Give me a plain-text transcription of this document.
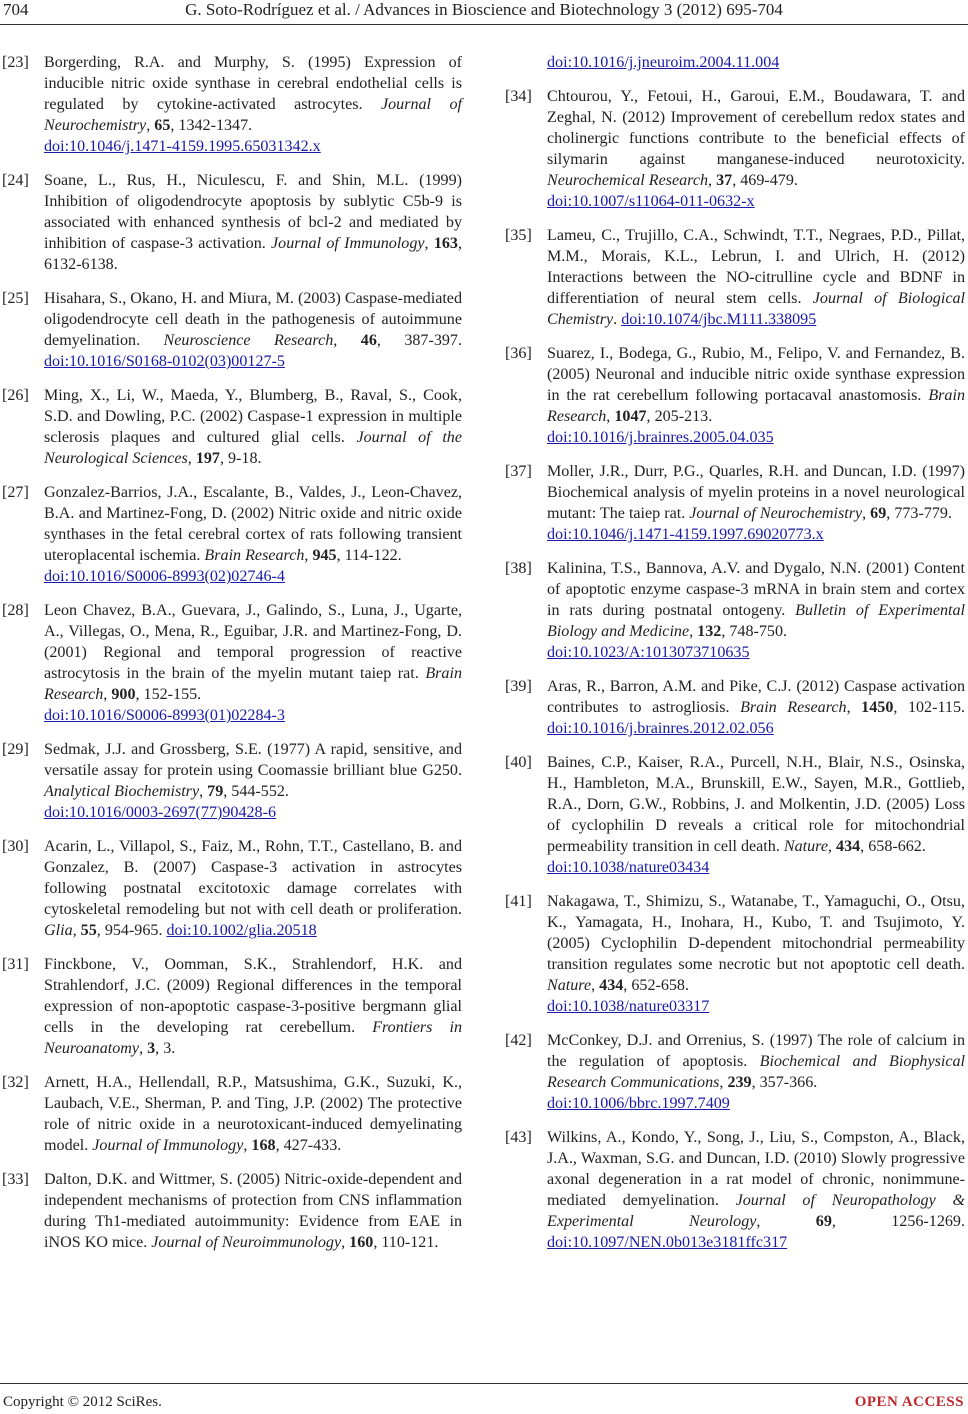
704	G. Soto-Rodríguez et al. / Advances in Bioscience and Biotechnology 3 (2012) 695-704
[23] Borgerding, R.A. and Murphy, S. (1995) Expression of inducible nitric oxide synthase in cerebral endothelial cells is regulated by cytokine-activated astrocytes. Journal of Neurochemistry, 65, 1342-1347.
doi:10.1046/j.1471-4159.1995.65031342.x
[24] Soane, L., Rus, H., Niculescu, F. and Shin, M.L. (1999) Inhibition of oligodendrocyte apoptosis by sublytic C5b-9 is associated with enhanced synthesis of bcl-2 and mediated by inhibition of caspase-3 activation. Journal of Immunology, 163, 6132-6138.
[25] Hisahara, S., Okano, H. and Miura, M. (2003) Caspase-mediated oligodendrocyte cell death in the pathogenesis of autoimmune demyelination. Neuroscience Research, 46, 387-397. doi:10.1016/S0168-0102(03)00127-5
[26] Ming, X., Li, W., Maeda, Y., Blumberg, B., Raval, S., Cook, S.D. and Dowling, P.C. (2002) Caspase-1 expression in multiple sclerosis plaques and cultured glial cells. Journal of the Neurological Sciences, 197, 9-18.
[27] Gonzalez-Barrios, J.A., Escalante, B., Valdes, J., Leon-Chavez, B.A. and Martinez-Fong, D. (2002) Nitric oxide and nitric oxide synthases in the fetal cerebral cortex of rats following transient uteroplacental ischemia. Brain Research, 945, 114-122.
doi:10.1016/S0006-8993(02)02746-4
[28] Leon Chavez, B.A., Guevara, J., Galindo, S., Luna, J., Ugarte, A., Villegas, O., Mena, R., Eguibar, J.R. and Martinez-Fong, D. (2001) Regional and temporal progression of reactive astrocytosis in the brain of the myelin mutant taiep rat. Brain Research, 900, 152-155.
doi:10.1016/S0006-8993(01)02284-3
[29] Sedmak, J.J. and Grossberg, S.E. (1977) A rapid, sensitive, and versatile assay for protein using Coomassie brilliant blue G250. Analytical Biochemistry, 79, 544-552.
doi:10.1016/0003-2697(77)90428-6
[30] Acarin, L., Villapol, S., Faiz, M., Rohn, T.T., Castellano, B. and Gonzalez, B. (2007) Caspase-3 activation in astrocytes following postnatal excitotoxic damage correlates with cytoskeletal remodeling but not with cell death or proliferation. Glia, 55, 954-965. doi:10.1002/glia.20518
[31] Finckbone, V., Oomman, S.K., Strahlendorf, H.K. and Strahlendorf, J.C. (2009) Regional differences in the temporal expression of non-apoptotic caspase-3-positive bergmann glial cells in the developing rat cerebellum. Frontiers in Neuroanatomy, 3, 3.
[32] Arnett, H.A., Hellendall, R.P., Matsushima, G.K., Suzuki, K., Laubach, V.E., Sherman, P. and Ting, J.P. (2002) The protective role of nitric oxide in a neurotoxicant-induced demyelinating model. Journal of Immunology, 168, 427-433.
[33] Dalton, D.K. and Wittmer, S. (2005) Nitric-oxide-dependent and independent mechanisms of protection from CNS inflammation during Th1-mediated autoimmunity: Evidence from EAE in iNOS KO mice. Journal of Neuroimmunology, 160, 110-121.
doi:10.1016/j.jneuroim.2004.11.004
[34] Chtourou, Y., Fetoui, H., Garoui, E.M., Boudawara, T. and Zeghal, N. (2012) Improvement of cerebellum redox states and cholinergic functions contribute to the beneficial effects of silymarin against manganese-induced neurotoxicity. Neurochemical Research, 37, 469-479.
doi:10.1007/s11064-011-0632-x
[35] Lameu, C., Trujillo, C.A., Schwindt, T.T., Negraes, P.D., Pillat, M.M., Morais, K.L., Lebrun, I. and Ulrich, H. (2012) Interactions between the NO-citrulline cycle and BDNF in differentiation of neural stem cells. Journal of Biological Chemistry. doi:10.1074/jbc.M111.338095
[36] Suarez, I., Bodega, G., Rubio, M., Felipo, V. and Fernandez, B. (2005) Neuronal and inducible nitric oxide synthase expression in the rat cerebellum following portacaval anastomosis. Brain Research, 1047, 205-213.
doi:10.1016/j.brainres.2005.04.035
[37] Moller, J.R., Durr, P.G., Quarles, R.H. and Duncan, I.D. (1997) Biochemical analysis of myelin proteins in a novel neurological mutant: The taiep rat. Journal of Neurochemistry, 69, 773-779.
doi:10.1046/j.1471-4159.1997.69020773.x
[38] Kalinina, T.S., Bannova, A.V. and Dygalo, N.N. (2001) Content of apoptotic enzyme caspase-3 mRNA in brain stem and cortex in rats during postnatal ontogeny. Bulletin of Experimental Biology and Medicine, 132, 748-750.
doi:10.1023/A:1013073710635
[39] Aras, R., Barron, A.M. and Pike, C.J. (2012) Caspase activation contributes to astrogliosis. Brain Research, 1450, 102-115. doi:10.1016/j.brainres.2012.02.056
[40] Baines, C.P., Kaiser, R.A., Purcell, N.H., Blair, N.S., Osinska, H., Hambleton, M.A., Brunskill, E.W., Sayen, M.R., Gottlieb, R.A., Dorn, G.W., Robbins, J. and Molkentin, J.D. (2005) Loss of cyclophilin D reveals a critical role for mitochondrial permeability transition in cell death. Nature, 434, 658-662.
doi:10.1038/nature03434
[41] Nakagawa, T., Shimizu, S., Watanabe, T., Yamaguchi, O., Otsu, K., Yamagata, H., Inohara, H., Kubo, T. and Tsujimoto, Y. (2005) Cyclophilin D-dependent mitochondrial permeability transition regulates some necrotic but not apoptotic cell death. Nature, 434, 652-658.
doi:10.1038/nature03317
[42] McConkey, D.J. and Orrenius, S. (1997) The role of calcium in the regulation of apoptosis. Biochemical and Biophysical Research Communications, 239, 357-366.
doi:10.1006/bbrc.1997.7409
[43] Wilkins, A., Kondo, Y., Song, J., Liu, S., Compston, A., Black, J.A., Waxman, S.G. and Duncan, I.D. (2010) Slowly progressive axonal degeneration in a rat model of chronic, nonimmune-mediated demyelination. Journal of Neuropathology & Experimental Neurology, 69, 1256-1269. doi:10.1097/NEN.0b013e3181ffc317
Copyright © 2012 SciRes.	OPEN ACCESS
